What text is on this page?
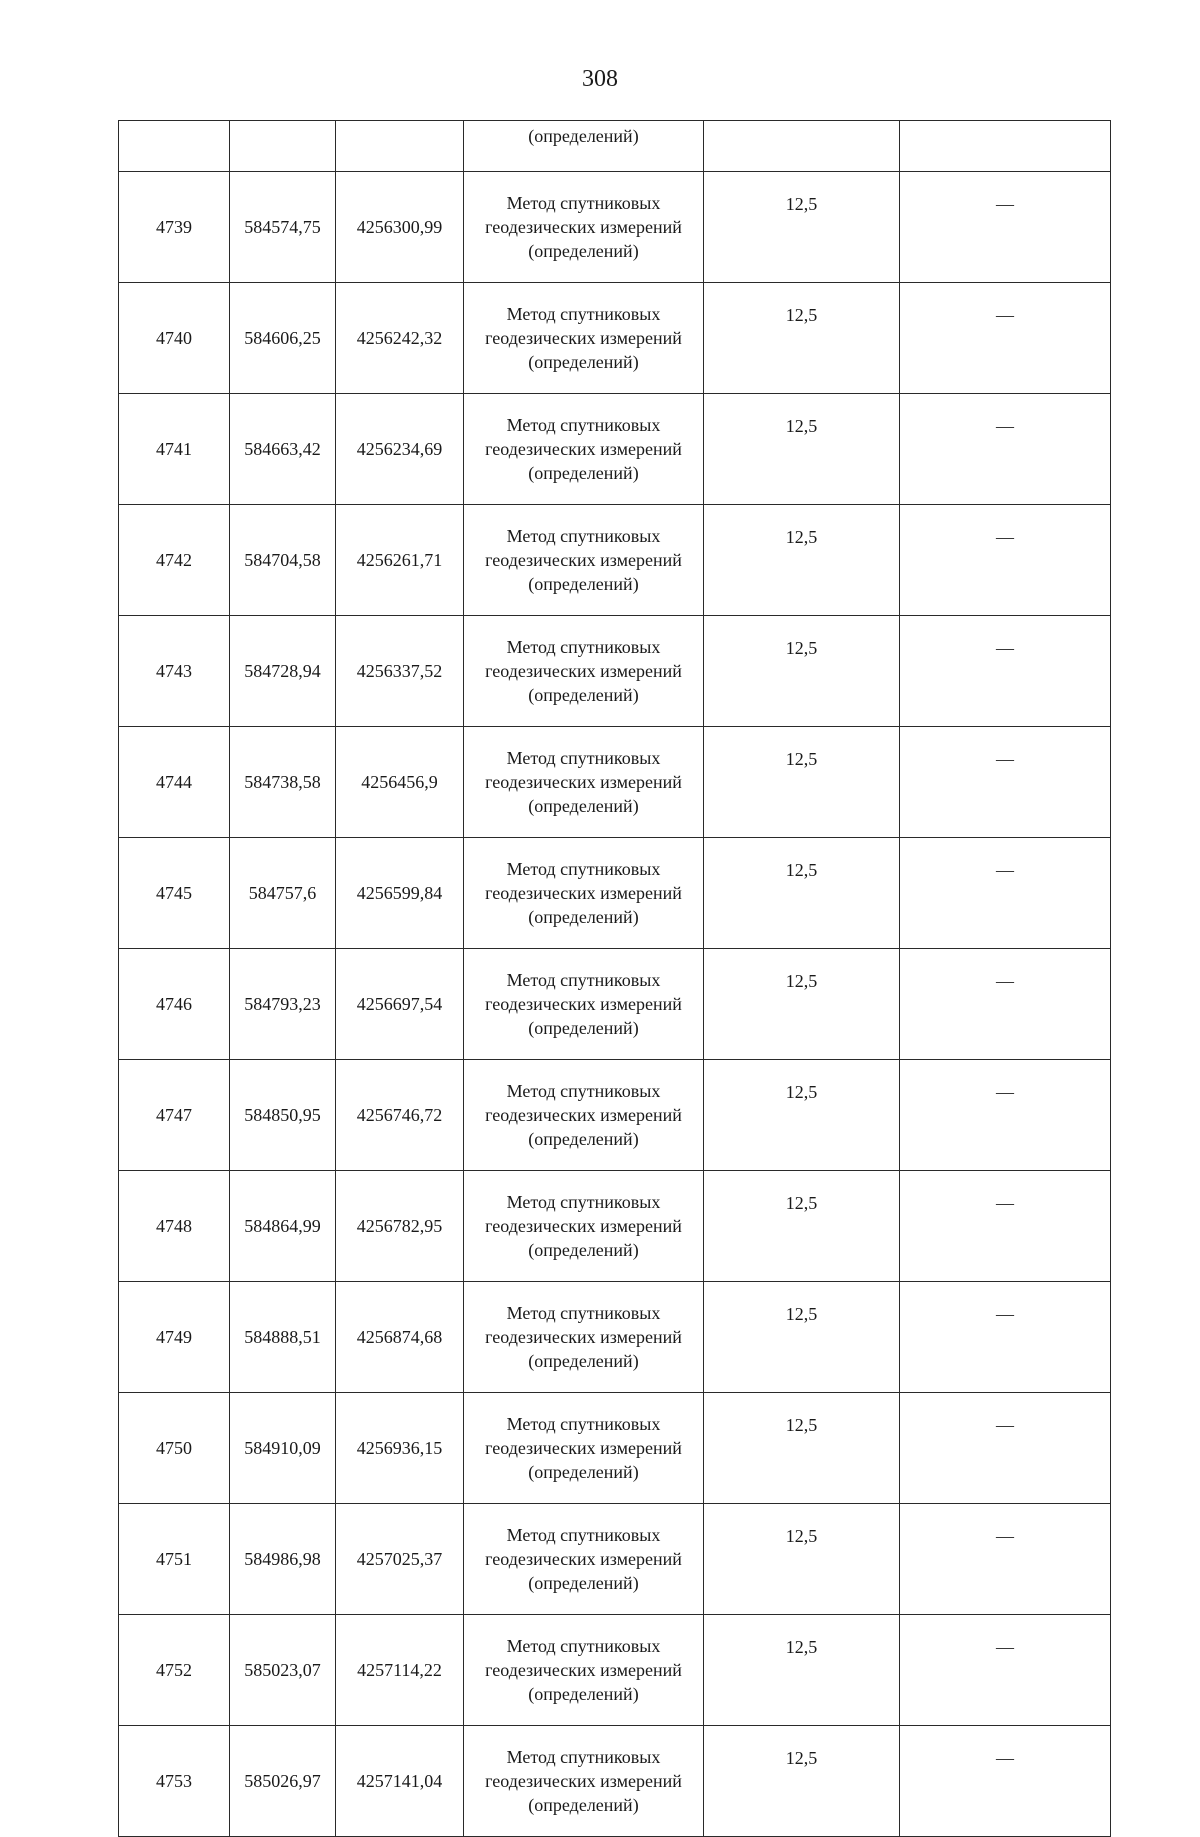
308
			(определений)		
4739	584574,75	4256300,99	Метод спутниковых
геодезических измерений
(определений)	12,5	—
4740	584606,25	4256242,32	Метод спутниковых
геодезических измерений
(определений)	12,5	—
4741	584663,42	4256234,69	Метод спутниковых
геодезических измерений
(определений)	12,5	—
4742	584704,58	4256261,71	Метод спутниковых
геодезических измерений
(определений)	12,5	—
4743	584728,94	4256337,52	Метод спутниковых
геодезических измерений
(определений)	12,5	—
4744	584738,58	4256456,9	Метод спутниковых
геодезических измерений
(определений)	12,5	—
4745	584757,6	4256599,84	Метод спутниковых
геодезических измерений
(определений)	12,5	—
4746	584793,23	4256697,54	Метод спутниковых
геодезических измерений
(определений)	12,5	—
4747	584850,95	4256746,72	Метод спутниковых
геодезических измерений
(определений)	12,5	—
4748	584864,99	4256782,95	Метод спутниковых
геодезических измерений
(определений)	12,5	—
4749	584888,51	4256874,68	Метод спутниковых
геодезических измерений
(определений)	12,5	—
4750	584910,09	4256936,15	Метод спутниковых
геодезических измерений
(определений)	12,5	—
4751	584986,98	4257025,37	Метод спутниковых
геодезических измерений
(определений)	12,5	—
4752	585023,07	4257114,22	Метод спутниковых
геодезических измерений
(определений)	12,5	—
4753	585026,97	4257141,04	Метод спутниковых
геодезических измерений
(определений)	12,5	—
